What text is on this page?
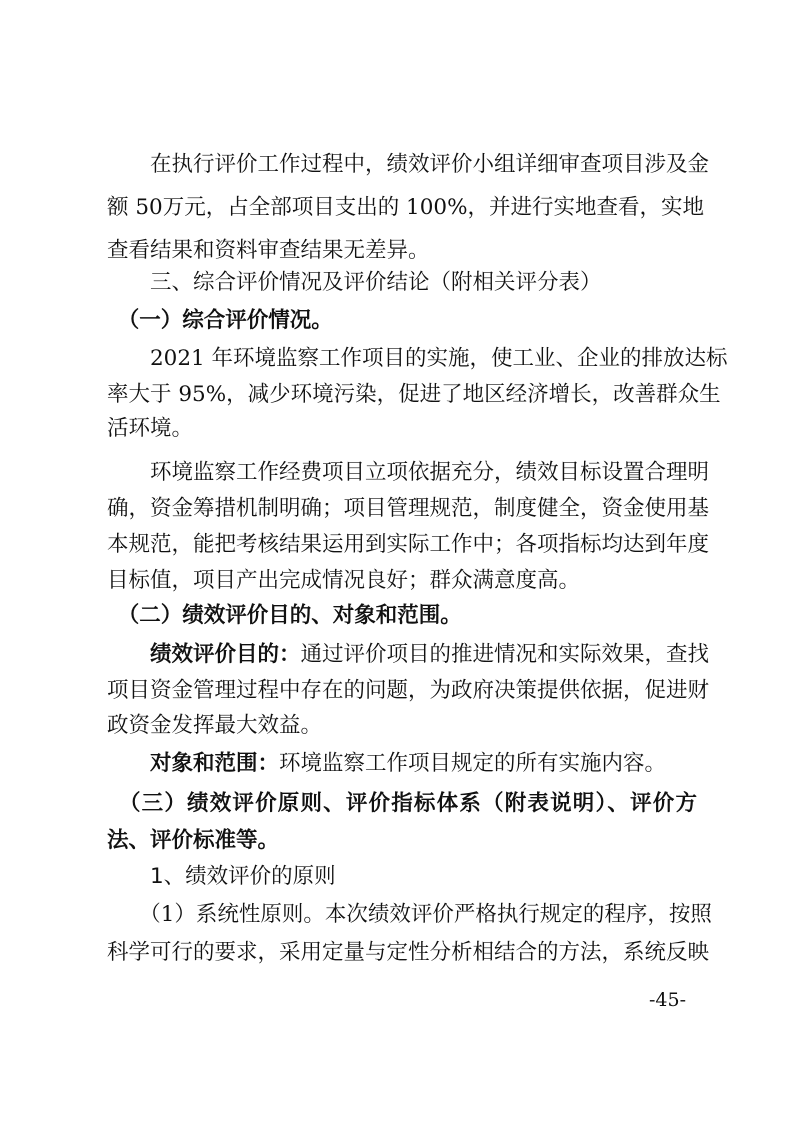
　　在执行评价工作过程中，绩效评价小组详细审查项目涉及金
额 50万元，占全部项目支出的 100%，并进行实地查看，实地
查看结果和资料审查结果无差异。
　　三、综合评价情况及评价结论（附相关评分表）
　（一）综合评价情况。
　　2021 年环境监察工作项目的实施，使工业、企业的排放达标
率大于 95%，减少环境污染，促进了地区经济增长，改善群众生
活环境。
　　环境监察工作经费项目立项依据充分，绩效目标设置合理明
确，资金筹措机制明确；项目管理规范，制度健全，资金使用基
本规范，能把考核结果运用到实际工作中；各项指标均达到年度
目标值，项目产出完成情况良好；群众满意度高。
　（二）绩效评价目的、对象和范围。
　　绩效评价目的：通过评价项目的推进情况和实际效果，查找
项目资金管理过程中存在的问题，为政府决策提供依据，促进财
政资金发挥最大效益。
　　对象和范围：环境监察工作项目规定的所有实施内容。
　（三）绩效评价原则、评价指标体系（附表说明）、评价方
法、评价标准等。
　　1、绩效评价的原则
　　（1）系统性原则。本次绩效评价严格执行规定的程序，按照
科学可行的要求，采用定量与定性分析相结合的方法，系统反映
-45-
